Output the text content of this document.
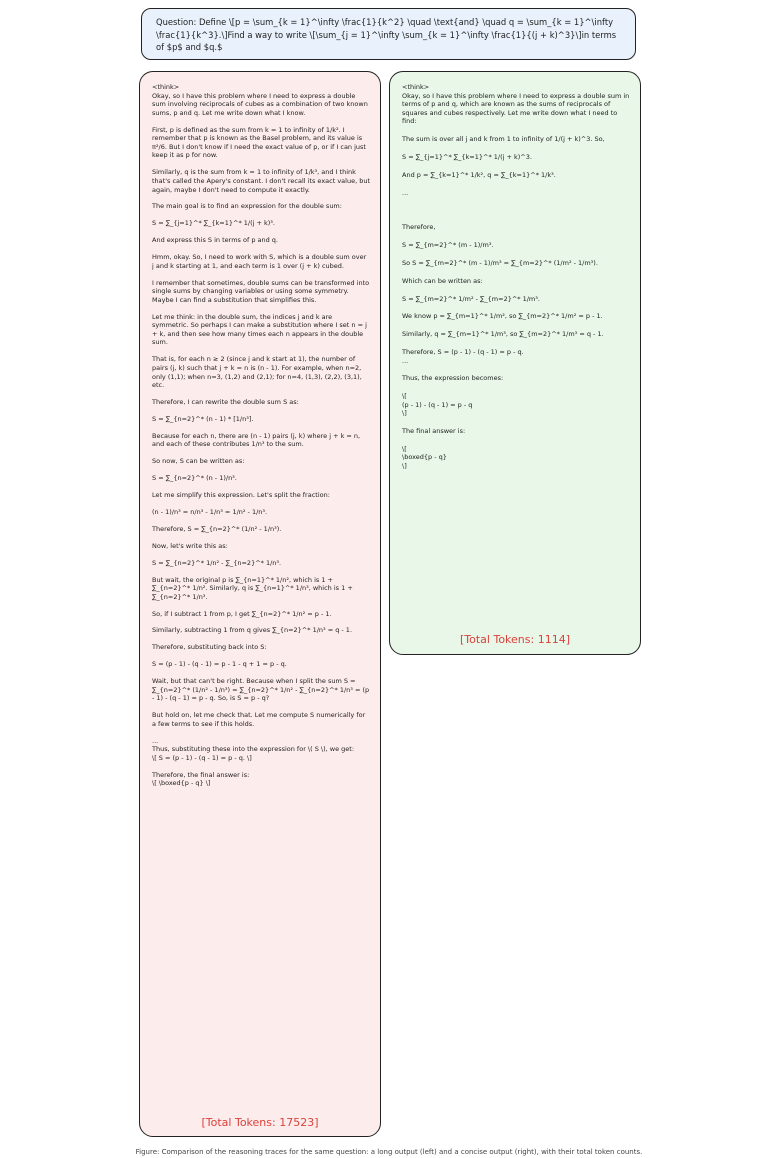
Question: Define \[p = \sum_{k = 1}^\infty \frac{1}{k^2} \quad \text{and} \quad q = \sum_{k = 1}^\infty \frac{1}{k^3}.\]Find a way to write \[\sum_{j = 1}^\infty \sum_{k = 1}^\infty \frac{1}{(j + k)^3}\]in terms of $p$ and $q.$
<think>
Okay, so I have this problem where I need to express a double sum involving reciprocals of cubes as a combination of two known sums, p and q. Let me write down what I know.
First, p is defined as the sum from k = 1 to infinity of 1/k². I remember that p is known as the Basel problem, and its value is π²/6. But I don't know if I need the exact value of p, or if I can just keep it as p for now.
Similarly, q is the sum from k = 1 to infinity of 1/k³, and I think that's called the Apery's constant. I don't recall its exact value, but again, maybe I don't need to compute it exactly.
The main goal is to find an expression for the double sum:
S = ∑_{j=1}^* ∑_{k=1}^* 1/(j + k)³.
And express this S in terms of p and q.
Hmm, okay. So, I need to work with S, which is a double sum over j and k starting at 1, and each term is 1 over (j + k) cubed.
I remember that sometimes, double sums can be transformed into single sums by changing variables or using some symmetry. Maybe I can find a substitution that simplifies this.
Let me think: in the double sum, the indices j and k are symmetric. So perhaps I can make a substitution where I set n = j + k, and then see how many times each n appears in the double sum.
That is, for each n ≥ 2 (since j and k start at 1), the number of pairs (j, k) such that j + k = n is (n - 1). For example, when n=2, only (1,1); when n=3, (1,2) and (2,1); for n=4, (1,3), (2,2), (3,1), etc.
Therefore, I can rewrite the double sum S as:
S = ∑_{n=2}^* (n - 1) * [1/n³].
Because for each n, there are (n - 1) pairs (j, k) where j + k = n, and each of these contributes 1/n³ to the sum.
So now, S can be written as:
S = ∑_{n=2}^* (n - 1)/n³.
Let me simplify this expression. Let's split the fraction:
(n - 1)/n³ = n/n³ - 1/n³ = 1/n² - 1/n³.
Therefore, S = ∑_{n=2}^* (1/n² - 1/n³).
Now, let's write this as:
S = ∑_{n=2}^* 1/n² - ∑_{n=2}^* 1/n³.
But wait, the original p is ∑_{n=1}^* 1/n², which is 1 + ∑_{n=2}^* 1/n². Similarly, q is ∑_{n=1}^* 1/n³, which is 1 + ∑_{n=2}^* 1/n³.
So, if I subtract 1 from p, I get ∑_{n=2}^* 1/n² = p - 1.
Similarly, subtracting 1 from q gives ∑_{n=2}^* 1/n³ = q - 1.
Therefore, substituting back into S:
S = (p - 1) - (q - 1) = p - 1 - q + 1 = p - q.
Wait, but that can't be right. Because when I split the sum S = ∑_{n=2}^* (1/n² - 1/n³) = ∑_{n=2}^* 1/n² - ∑_{n=2}^* 1/n³ = (p - 1) - (q - 1) = p - q. So, is S = p - q?
But hold on, let me check that. Let me compute S numerically for a few terms to see if this holds.
...
Thus, substituting these into the expression for \( S \), we get:
\[ S = (p - 1) - (q - 1) = p - q. \]
Therefore, the final answer is:
\[ \boxed{p - q} \]
[Total Tokens: 17523]
<think>
Okay, so I have this problem where I need to express a double sum in terms of p and q, which are known as the sums of reciprocals of squares and cubes respectively. Let me write down what I need to find:
The sum is over all j and k from 1 to infinity of 1/(j + k)^3. So,
S = ∑_{j=1}^* ∑_{k=1}^* 1/(j + k)^3.
And p = ∑_{k=1}^* 1/k², q = ∑_{k=1}^* 1/k³.
...

Therefore,
S = ∑_{m=2}^* (m - 1)/m³.
So S = ∑_{m=2}^* (m - 1)/m³ = ∑_{m=2}^* (1/m² - 1/m³).
Which can be written as:
S = ∑_{m=2}^* 1/m² - ∑_{m=2}^* 1/m³.
We know p = ∑_{m=1}^* 1/m², so ∑_{m=2}^* 1/m² = p - 1.
Similarly, q = ∑_{m=1}^* 1/m³, so ∑_{m=2}^* 1/m³ = q - 1.
Therefore, S = (p - 1) - (q - 1) = p - q.
...
Thus, the expression becomes:
\[
(p - 1) - (q - 1) = p - q
\]
The final answer is:
\[
\boxed{p - q}
\]
[Total Tokens: 1114]
Figure: Comparison of the reasoning traces for the same question: a long output (left) and a concise output (right), with their total token counts.
